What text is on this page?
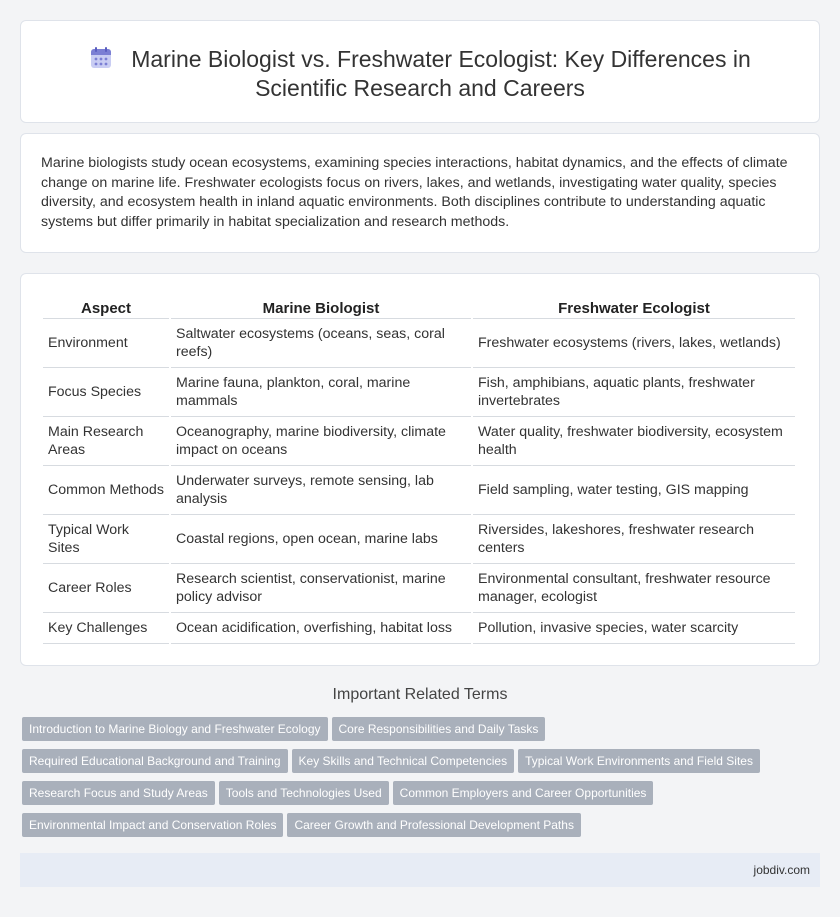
Marine Biologist vs. Freshwater Ecologist: Key Differences in
Scientific Research and Careers

Marine biologists study ocean ecosystems, examining species interactions, habitat dynamics, and the effects of climate change on marine life. Freshwater ecologists focus on rivers, lakes, and wetlands, investigating water quality, species diversity, and ecosystem health in inland aquatic environments. Both disciplines contribute to understanding aquatic systems but differ primarily in habitat specialization and research methods.

Aspect	Marine Biologist	Freshwater Ecologist
Environment	Saltwater ecosystems (oceans, seas, coral reefs)	Freshwater ecosystems (rivers, lakes, wetlands)
Focus Species	Marine fauna, plankton, coral, marine mammals	Fish, amphibians, aquatic plants, freshwater invertebrates
Main Research Areas	Oceanography, marine biodiversity, climate impact on oceans	Water quality, freshwater biodiversity, ecosystem health
Common Methods	Underwater surveys, remote sensing, lab analysis	Field sampling, water testing, GIS mapping
Typical Work Sites	Coastal regions, open ocean, marine labs	Riversides, lakeshores, freshwater research centers
Career Roles	Research scientist, conservationist, marine policy advisor	Environmental consultant, freshwater resource manager, ecologist
Key Challenges	Ocean acidification, overfishing, habitat loss	Pollution, invasive species, water scarcity
Important Related Terms
Introduction to Marine Biology and Freshwater Ecology Core Responsibilities and Daily Tasks
Required Educational Background and Training Key Skills and Technical Competencies Typical Work Environments and Field Sites
Research Focus and Study Areas Tools and Technologies Used Common Employers and Career Opportunities
Environmental Impact and Conservation Roles Career Growth and Professional Development Paths
jobdiv.com
